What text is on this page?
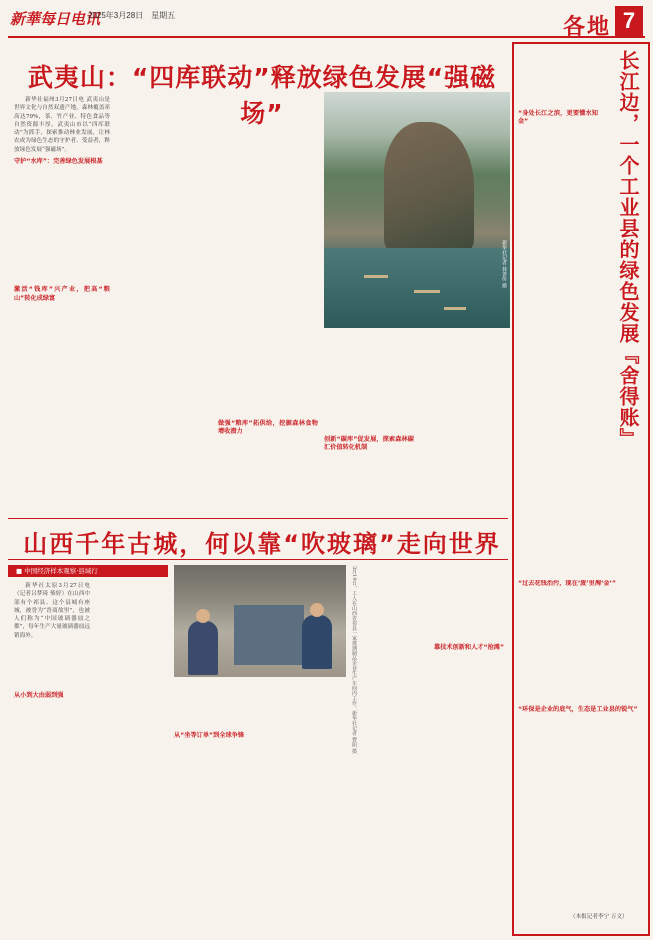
新華每日电讯
2025年3月28日　星期五	各地 7
武夷山：“四库联动”释放绿色发展“强磁场”

新华社福州3月27日电 武夷山是世界文化与自然双遗产地，森林覆盖率高达79%，茶、竹产业、特色食品等自然资源丰厚。武夷山市以“四库联动”为抓手，探索推动林业发展，让林农成为绿色生态的守护者、受益者，释放绿色发展“强磁场”。

守护“水库”：完善绿色发展根基

激活“钱库”兴产业，把高“粮山”转化成绿富

做强“粮库”拓供给，挖掘森林食物增收潜力

创新“碳库”促发展，探索森林碳汇价值转化机制

新华社记者 林善传 摄
山西千年古城，何以靠“吹玻璃”走向世界
■ 中国经济样本观察·县域行

新华社太原3月27日电（记者吕梦琦 柴婷）在山西中部有个祁县。这个县城有座城，被誉为“晋商故里”，也被人们称为“中国玻璃器皿之都”，每年生产大量玻璃器皿远销海外。

从小到大由弱到强	3月19日，工人在山西省祁县一家玻璃制品企业生产车间内工作。新华社记者 曹阳 摄

从“坐等订单”到全球争锋

靠技术创新和人才“抢滩”

长江边，一个工业县的绿色发展『舍得账』

“身处长江之滨，更要懂水知金”

“过去花钱治污，现在‘废’里淘‘金’”

“环保是企业的底气，生态是工业县的锐气”

（本报记者李宁 万文）
